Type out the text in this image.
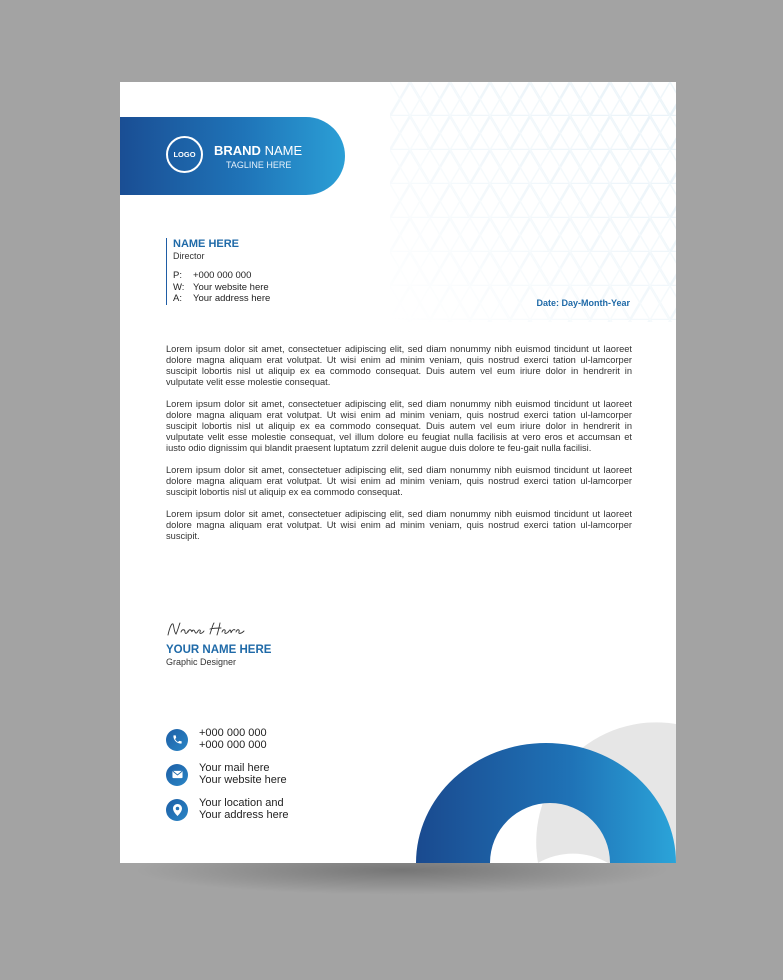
LOGO BRAND NAME
TAGLINE HERE

NAME HERE

Director

P:	+000 000 000
W: Your website here
A:	Your address here	Date: Day-Month-Year

Lorem ipsum dolor sit amet, consectetuer adipiscing elit, sed diam nonummy nibh euismod tincidunt ut laoreet dolore magna aliquam erat volutpat. Ut wisi enim ad minim veniam, quis nostrud exerci tation ul-lamcorper suscipit lobortis nisl ut aliquip ex ea commodo consequat. Duis autem vel eum iriure dolor in hendrerit in vulputate velit esse molestie consequat.

Lorem ipsum dolor sit amet, consectetuer adipiscing elit, sed diam nonummy nibh euismod tincidunt ut laoreet dolore magna aliquam erat volutpat. Ut wisi enim ad minim veniam, quis nostrud exerci tation ul-lamcorper suscipit lobortis nisl ut aliquip ex ea commodo consequat. Duis autem vel eum iriure dolor in hendrerit in vulputate velit esse molestie consequat, vel illum dolore eu feugiat nulla facilisis at vero eros et accumsan et iusto odio dignissim qui blandit praesent luptatum zzril delenit augue duis dolore te feu-gait nulla facilisi.

Lorem ipsum dolor sit amet, consectetuer adipiscing elit, sed diam nonummy nibh euismod tincidunt ut laoreet dolore magna aliquam erat volutpat. Ut wisi enim ad minim veniam, quis nostrud exerci tation ul-lamcorper suscipit lobortis nisl ut aliquip ex ea commodo consequat.

Lorem ipsum dolor sit amet, consectetuer adipiscing elit, sed diam nonummy nibh euismod tincidunt ut laoreet dolore magna aliquam erat volutpat. Ut wisi enim ad minim veniam, quis nostrud exerci tation ul-lamcorper suscipit.

YOUR NAME HERE

Graphic Designer

+000 000 000
+000 000 000
Your mail here
Your website here
Your location and
Your address here
